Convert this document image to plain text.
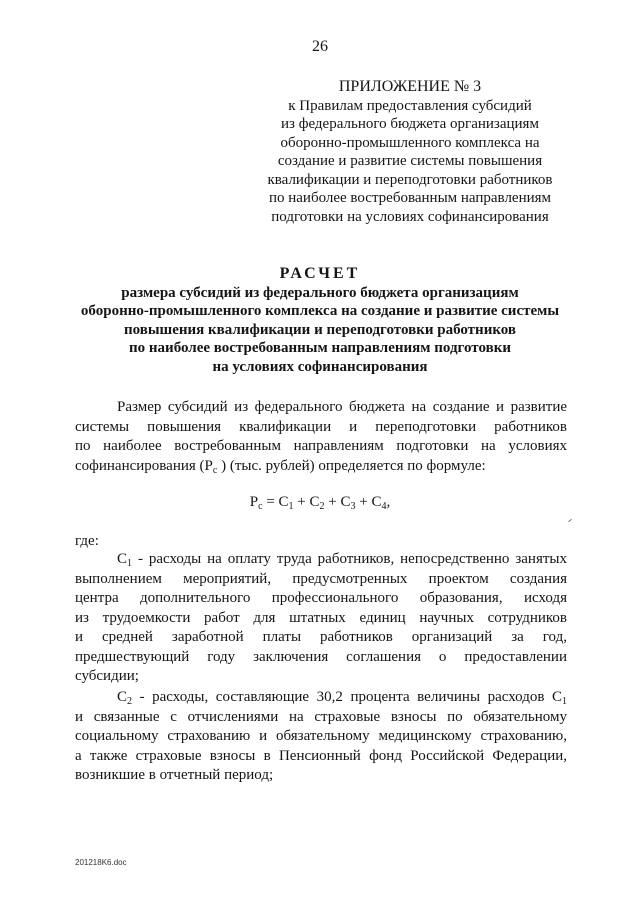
26
ПРИЛОЖЕНИЕ № 3
к Правилам предоставления субсидий
из федерального бюджета организациям
оборонно-промышленного комплекса на
создание и развитие системы повышения
квалификации и переподготовки работников
по наиболее востребованным направлениям
подготовки на условиях софинансирования
РАСЧЕТ
размера субсидий из федерального бюджета организациям
оборонно-промышленного комплекса на создание и развитие системы
повышения квалификации и переподготовки работников
по наиболее востребованным направлениям подготовки
на условиях софинансирования
Размер субсидий из федерального бюджета на создание и развитие
системы повышения квалификации и переподготовки работников
по наиболее востребованным направлениям подготовки на условиях
софинансирования ($P_c$ ) (тыс. рублей) определяется по формуле:
$P_c = C_1 + C_2 + C_3 + C_4$,
где:
$C_1$ - расходы на оплату труда работников, непосредственно занятых
выполнением мероприятий, предусмотренных проектом создания
центра дополнительного профессионального образования, исходя
из трудоемкости работ для штатных единиц научных сотрудников
и средней заработной платы работников организаций за год,
предшествующий году заключения соглашения о предоставлении
субсидии;
$C_2$ - расходы, составляющие 30,2 процента величины расходов $C_1$
и связанные с отчислениями на страховые взносы по обязательному
социальному страхованию и обязательному медицинскому страхованию,
а также страховые взносы в Пенсионный фонд Российской Федерации,
возникшие в отчетный период;
201218K6.doc
